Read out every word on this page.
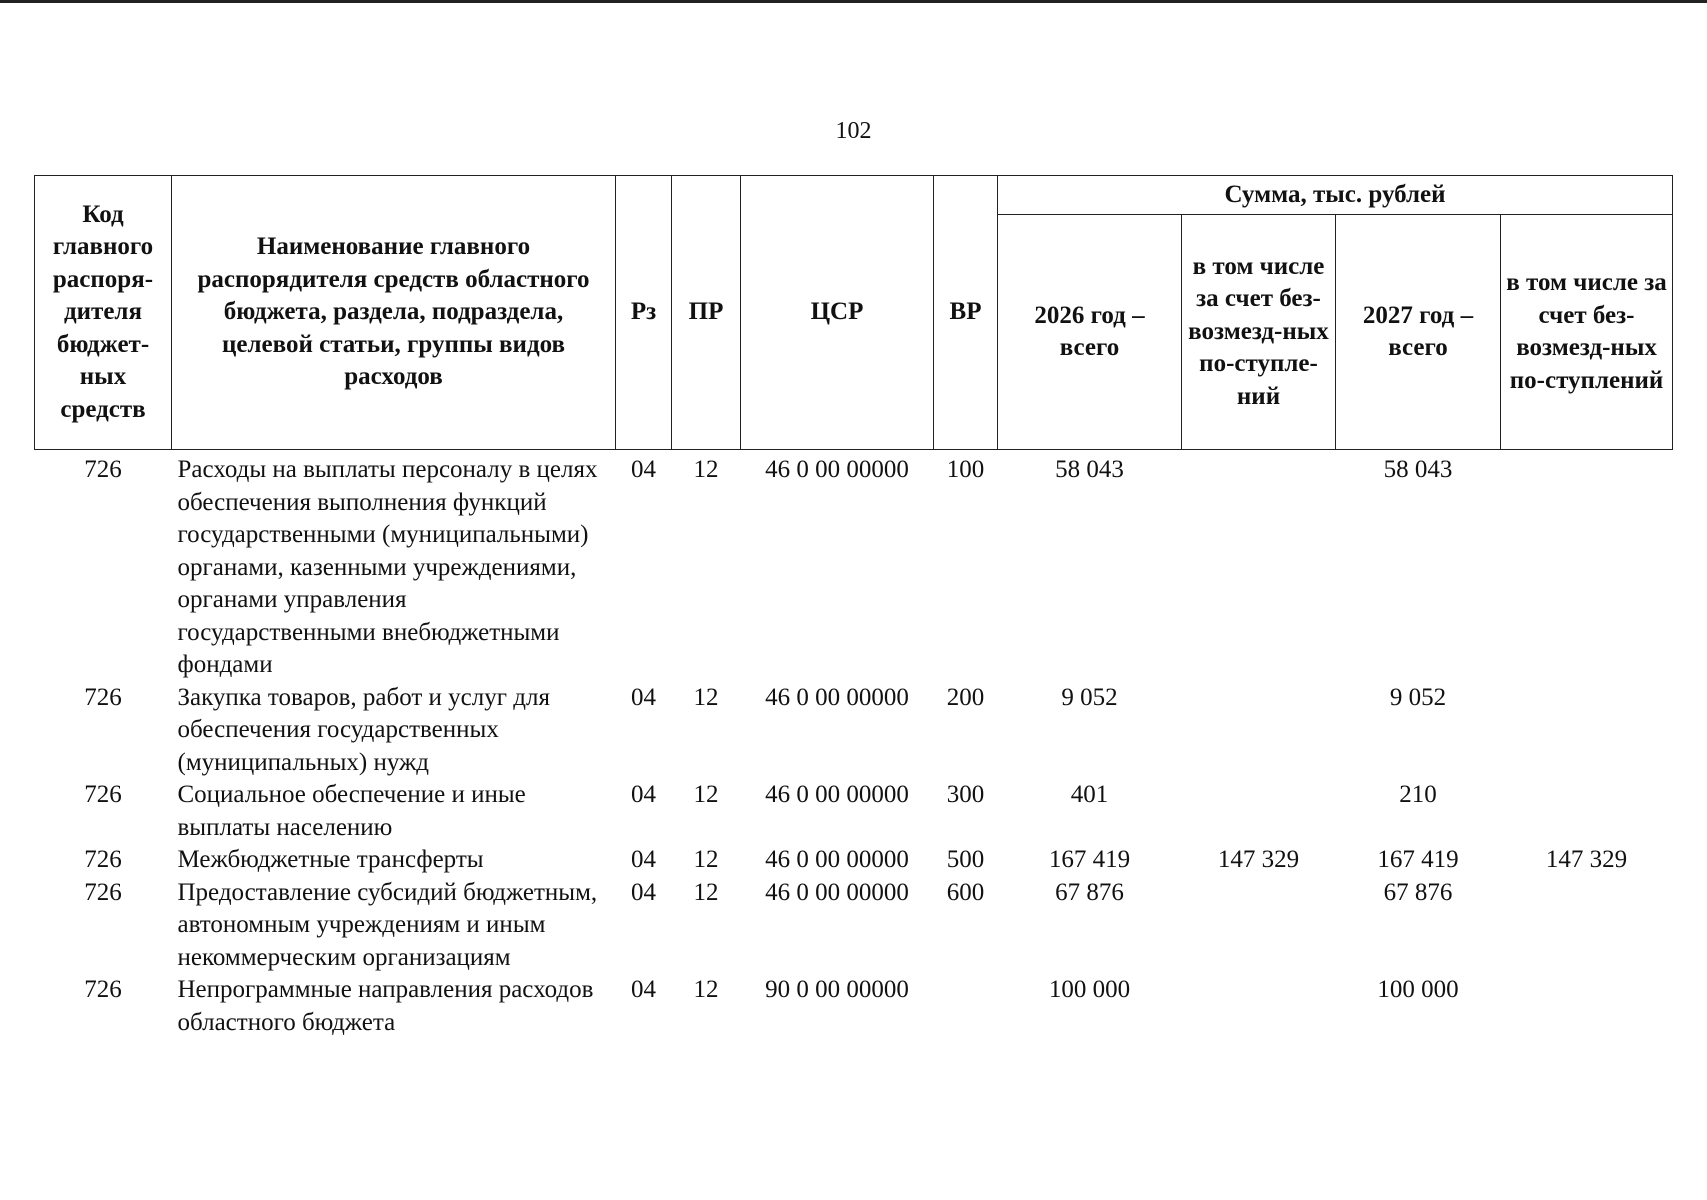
102
Код главного распоря-дителя бюджет-ных средств	Наименование главного распорядителя средств областного бюджета, раздела, подраздела, целевой статьи, группы видов расходов	Рз	ПР	ЦСР	ВР	Сумма, тыс. рублей			
						2026 год – всего	в том числе за счет без-возмезд-ных по-ступле-ний	2027 год – всего	в том числе за счет без-возмезд-ных по-ступлений
726	Расходы на выплаты персоналу в целях обеспечения выполнения функций государственными (муниципальными) органами, казенными учреждениями, органами управления государственными внебюджетными фондами	04	12	46 0 00 00000	100	58 043		58 043	
726	Закупка товаров, работ и услуг для обеспечения государственных (муниципальных) нужд	04	12	46 0 00 00000	200	9 052		9 052	
726	Социальное обеспечение и иные выплаты населению	04	12	46 0 00 00000	300	401		210	
726	Межбюджетные трансферты	04	12	46 0 00 00000	500	167 419	147 329	167 419	147 329
726	Предоставление субсидий бюджетным, автономным учреждениям и иным некоммерческим организациям	04	12	46 0 00 00000	600	67 876		67 876	
726	Непрограммные направления расходов областного бюджета	04	12	90 0 00 00000		100 000		100 000	
